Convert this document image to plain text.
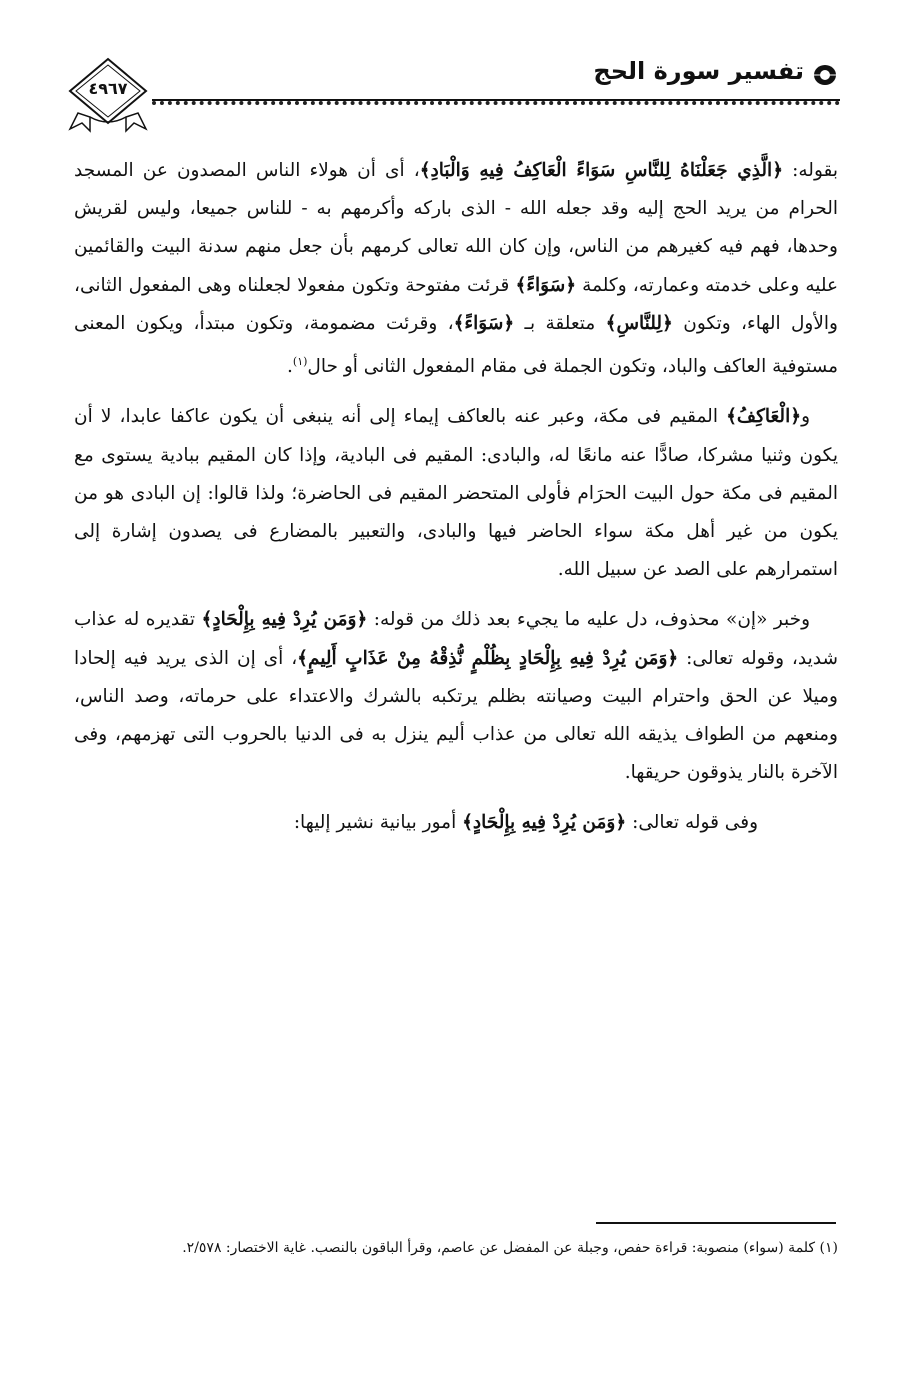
٤٩٦٧
تفسير سورة الحج

بقوله: ﴿الَّذِي جَعَلْنَاهُ لِلنَّاسِ سَوَاءً الْعَاكِفُ فِيهِ وَالْبَادِ﴾، أى أن هولاء الناس المصدون عن المسجد الحرام من يريد الحج إليه وقد جعله الله - الذى باركه وأكرمهم به - للناس جميعا، وليس لقريش وحدها، فهم فيه كغيرهم من الناس، وإن كان الله تعالى كرمهم بأن جعل منهم سدنة البيت والقائمين عليه وعلى خدمته وعمارته، وكلمة ﴿سَوَاءً﴾ قرئت مفتوحة وتكون مفعولا لجعلناه وهى المفعول الثانى، والأول الهاء، وتكون ﴿لِلنَّاسِ﴾ متعلقة بـ ﴿سَوَاءً﴾، وقرئت مضمومة، وتكون مبتدأ، ويكون المعنى مستوفية العاكف والباد، وتكون الجملة فى مقام المفعول الثانى أو حال$^{(١)}$.

و﴿الْعَاكِفُ﴾ المقيم فى مكة، وعبر عنه بالعاكف إيماء إلى أنه ينبغى أن يكون عاكفا عابدا، لا أن يكون وثنيا مشركا، صادًّا عنه مانعًا له، والبادى: المقيم فى البادية، وإذا كان المقيم ببادية يستوى مع المقيم فى مكة حول البيت الحرَام فأولى المتحضر المقيم فى الحاضرة؛ ولذا قالوا: إن البادى هو من يكون من غير أهل مكة سواء الحاضر فيها والبادى، والتعبير بالمضارع فى يصدون إشارة إلى استمرارهم على الصد عن سبيل الله.

وخبر «إن» محذوف، دل عليه ما يجيء بعد ذلك من قوله: ﴿وَمَن يُرِدْ فِيهِ بِإِلْحَادٍ﴾ تقديره له عذاب شديد، وقوله تعالى: ﴿وَمَن يُرِدْ فِيهِ بِإِلْحَادٍ بِظُلْمٍ نُّذِقْهُ مِنْ عَذَابٍ أَلِيمٍ﴾، أى إن الذى يريد فيه إلحادا وميلا عن الحق واحترام البيت وصيانته بظلم يرتكبه بالشرك والاعتداء على حرماته، وصد الناس، ومنعهم من الطواف يذيقه الله تعالى من عذاب أليم ينزل به فى الدنيا بالحروب التى تهزمهم، وفى الآخرة بالنار يذوقون حريقها.

وفى قوله تعالى: ﴿وَمَن يُرِدْ فِيهِ بِإِلْحَادٍ﴾ أمور بيانية نشير إليها:

(١) كلمة (سواء) منصوبة: قراءة حفص، وجبلة عن المفضل عن عاصم، وقرأ الباقون بالنصب. غاية الاختصار: ٢/٥٧٨.
